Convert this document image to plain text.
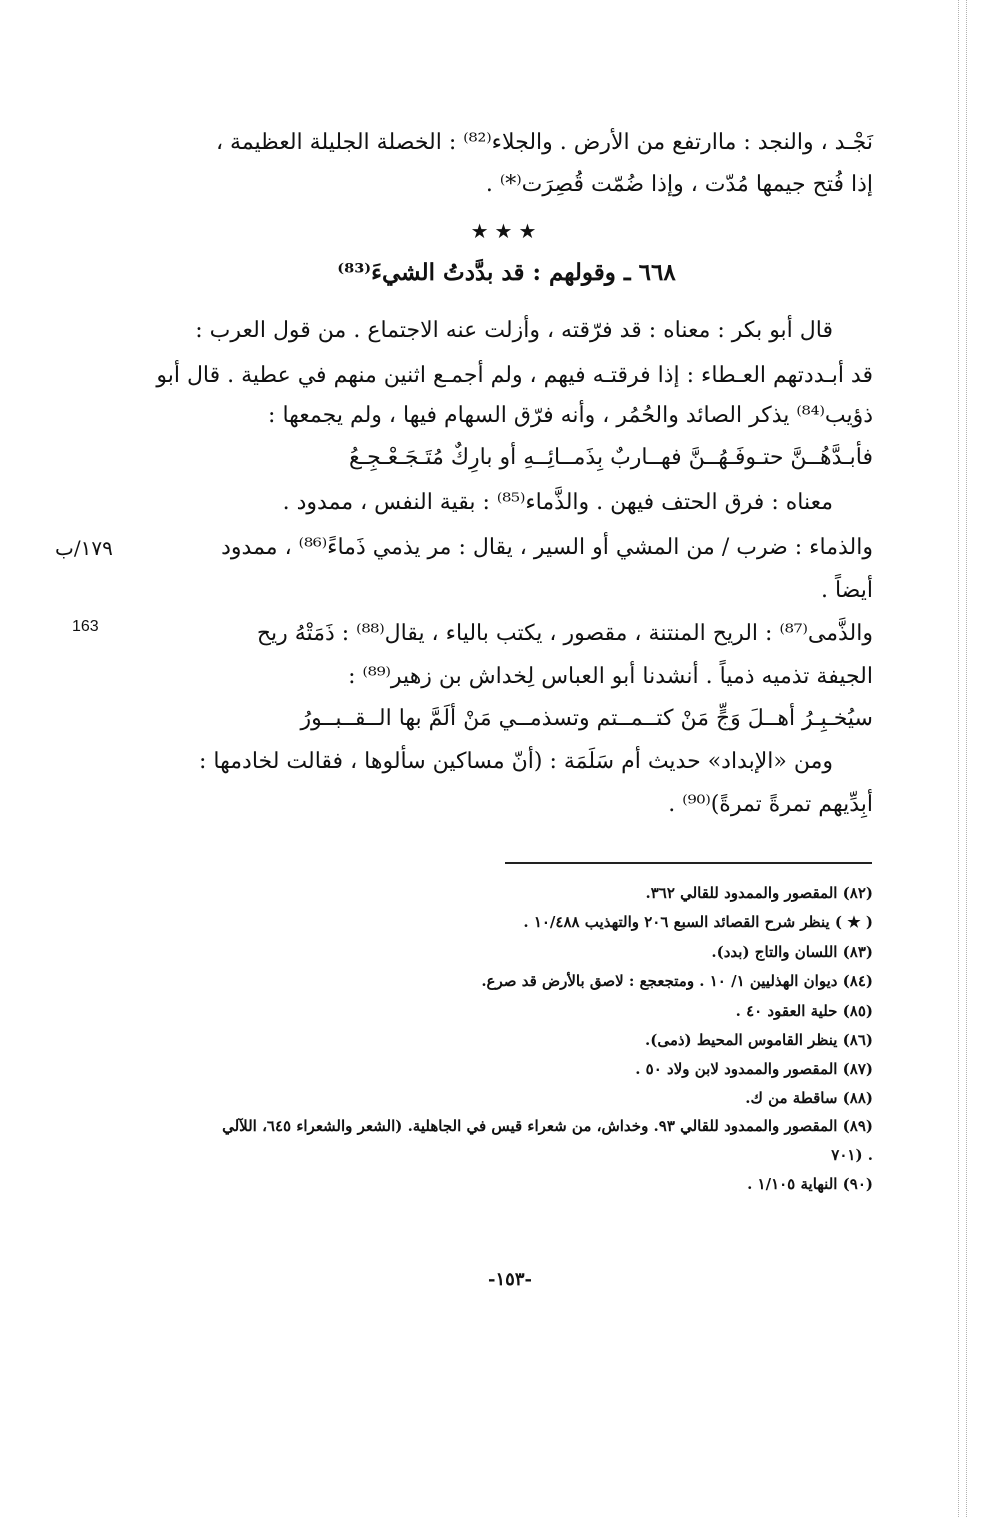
نَجْـد ، والنجد : ماارتفع من الأرض . والجلاء⁽⁸²⁾ : الخصلة الجليلة العظيمة ،
إذا فُتح جيمها مُدّت ، وإذا ضُمّت قُصِرَت⁽*⁾ .
★★★
٦٦٨ ـ وقولهم : قد بدَّدتُ الشيءَ⁽⁸³⁾
قال أبو بكر : معناه : قد فرّقته ، وأزلت عنه الاجتماع . من قول العرب :
قد أبـددتهم العـطاء : إذا فرقتـه فيهم ، ولم أجمـع اثنين منهم في عطية . قال أبو
ذؤيب⁽⁸⁴⁾ يذكر الصائد والحُمُر ، وأنه فرّق السهام فيها ، ولم يجمعها :
فأبـدَّهُــنَّ حتـوفَـهُــنَّ فهــاربٌ بِذَمــائِــهِ أو بارِكٌ مُتَـجَـعْـجِـعُ
معناه : فرق الحتف فيهن . والذَّماء⁽⁸⁵⁾ : بقية النفس ، ممدود .
والذماء : ضرب / من المشي أو السير ، يقال : مر يذمي ذَماءً⁽⁸⁶⁾ ، ممدود
١٧٩/ب
أيضاً .
والذَّمى⁽⁸⁷⁾ : الريح المنتنة ، مقصور ، يكتب بالياء ، يقال⁽⁸⁸⁾ : ذَمَتْهُ ريح
163
الجيفة تذميه ذمياً . أنشدنا أبو العباس لِخداش بن زهير⁽⁸⁹⁾ :
سيُخـبِـرُ أهــلَ وَجٍّ مَنْ كتــمــتم وتسذمــي مَنْ ألَمَّ بها الــقــبــورُ
ومن «الإبداد» حديث أم سَلَمَة : (أنّ مساكين سألوها ، فقالت لخادمها :
أبِدِّيهم تمرةً تمرةً)⁽⁹⁰⁾ .
(٨٢) المقصور والممدود للقالي ٣٦٢.
( ★ ) ينظر شرح القصائد السبع ٢٠٦ والتهذيب ١٠/٤٨٨ .
(٨٣) اللسان والتاج (بدد).
(٨٤) ديوان الهذليين ١/ ١٠ . ومتجعجع : لاصق بالأرض قد صرع.
(٨٥) حلية العقود ٤٠ .
(٨٦) ينظر القاموس المحيط (ذمى).
(٨٧) المقصور والممدود لابن ولاد ٥٠ .
(٨٨) ساقطة من ك.
(٨٩) المقصور والممدود للقالي ٩٣. وخداش، من شعراء قيس في الجاهلية. (الشعر والشعراء ٦٤٥، اللآلي
٧٠١) .
(٩٠) النهاية ١/١٠٥ .
-١٥٣-
